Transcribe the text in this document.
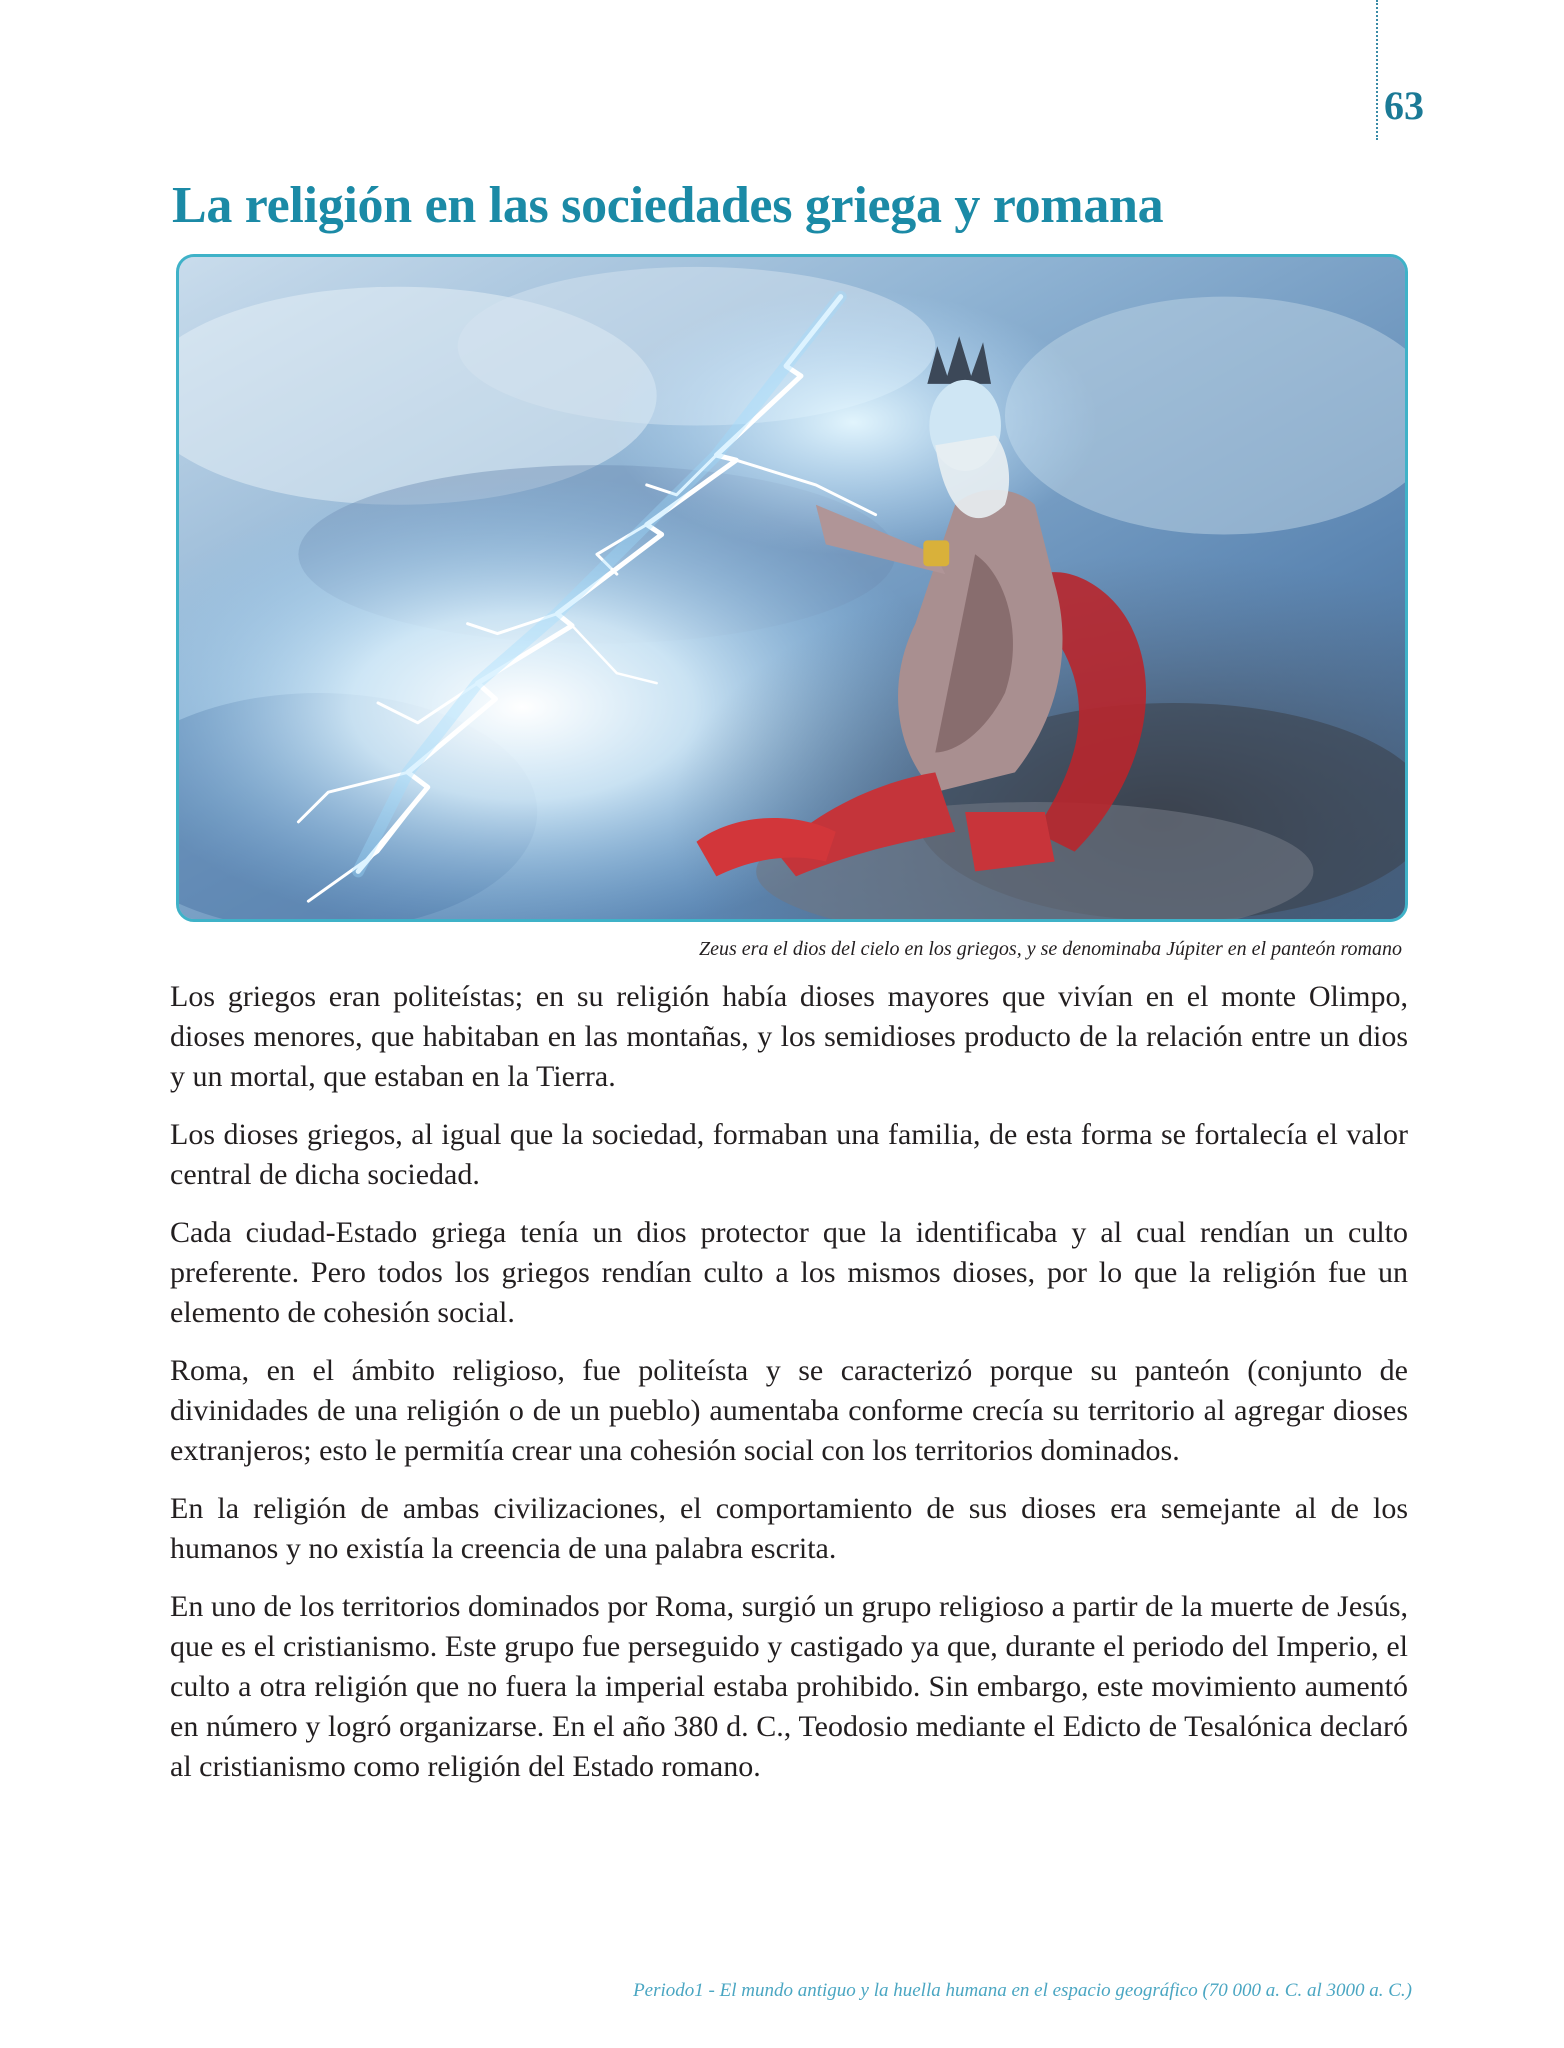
63
La religión en las sociedades griega y romana
Zeus era el dios del cielo en los griegos, y se denominaba Júpiter en el panteón romano

Los griegos eran politeístas; en su religión había dioses mayores que vivían en el monte Olimpo, dioses menores, que habitaban en las montañas, y los semidioses producto de la relación entre un dios y un mortal, que estaban en la Tierra.

Los dioses griegos, al igual que la sociedad, formaban una familia, de esta forma se fortalecía el valor central de dicha sociedad.

Cada ciudad-Estado griega tenía un dios protector que la identificaba y al cual rendían un culto preferente. Pero todos los griegos rendían culto a los mismos dioses, por lo que la religión fue un elemento de cohesión social.

Roma, en el ámbito religioso, fue politeísta y se caracterizó porque su panteón (conjunto de divinidades de una religión o de un pueblo) aumentaba conforme crecía su territorio al agregar dioses extranjeros; esto le permitía crear una cohesión social con los territorios dominados.

En la religión de ambas civilizaciones, el comportamiento de sus dioses era semejante al de los humanos y no existía la creencia de una palabra escrita.

En uno de los territorios dominados por Roma, surgió un grupo religioso a partir de la muerte de Jesús, que es el cristianismo. Este grupo fue perseguido y castigado ya que, durante el periodo del Imperio, el culto a otra religión que no fuera la imperial estaba prohibido. Sin embargo, este movimiento aumentó en número y logró organizarse. En el año 380 d. C., Teodosio mediante el Edicto de Tesalónica declaró al cristianismo como religión del Estado romano.

Periodo1 - El mundo antiguo y la huella humana en el espacio geográfico (70 000 a. C. al 3000 a. C.)
